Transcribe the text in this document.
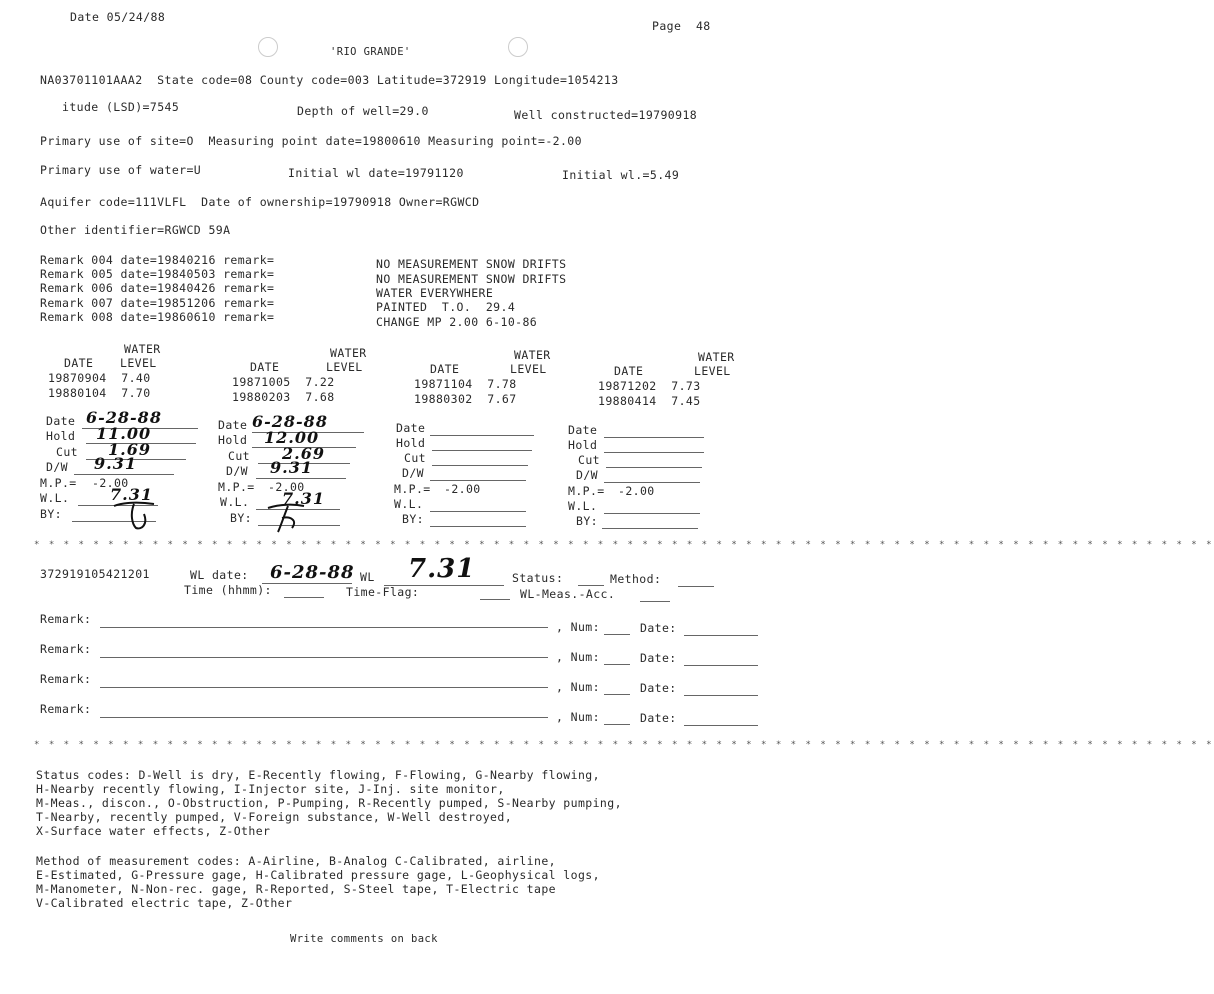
Date 05/24/88
Page  48
'RIO GRANDE'
NA03701101AAA2  State code=08 County code=003 Latitude=372919 Longitude=1054213
itude (LSD)=7545	Depth of well=29.0	Well constructed=19790918
Primary use of site=O  Measuring point date=19800610 Measuring point=-2.00
Primary use of water=U	Initial wl date=19791120	Initial wl.=5.49
Aquifer code=111VLFL  Date of ownership=19790918 Owner=RGWCD
Other identifier=RGWCD 59A
Remark 004 date=19840216 remark=	NO MEASUREMENT SNOW DRIFTS
Remark 005 date=19840503 remark=	NO MEASUREMENT SNOW DRIFTS
Remark 006 date=19840426 remark=	WATER EVERYWHERE
Remark 007 date=19851206 remark=	PAINTED  T.O.  29.4
Remark 008 date=19860610 remark=	CHANGE MP 2.00 6-10-86
WATER
DATE LEVEL
19870904 7.40
19880104 7.70
WATER
DATE	LEVEL
19871005 7.22
19880203 7.68
WATER
DATE	LEVEL
19871104 7.78
19880302 7.67
WATER
DATE	LEVEL
19871202 7.73
19880414 7.45
Date 6-28-88
Hold 11.00
Cut 1.69
D/W 9.31
M.P.= -2.00
W.L.	7.31
BY:
Date 6-28-88
Hold 12.00
Cut 2.69
D/W 9.31
M.P.= -2.00
W.L. 7.31
BY:
Date
Hold
Cut
D/W
M.P.= -2.00
W.L.
BY:
Date
Hold
Cut
D/W
M.P.= -2.00
W.L.
BY:
* * * * * * * * * * * * * * * * * * * * * * * * * * * * * * * * * * * * * * * * * * * * * * * * * * * * * * * * * * * * * * * * * * * * * * * * * * * * * * * *
372919105421201	WL date: 6-28-88 WL 7.31	Status:	Method:
Time (hhmm):	Time-Flag:	WL-Meas.-Acc.
Remark:
, Num:	Date:
Remark:
, Num:	Date:
Remark:
, Num:	Date:
Remark:
, Num:	Date:
* * * * * * * * * * * * * * * * * * * * * * * * * * * * * * * * * * * * * * * * * * * * * * * * * * * * * * * * * * * * * * * * * * * * * * * * * * * * * * * *
Status codes: D-Well is dry, E-Recently flowing, F-Flowing, G-Nearby flowing,
H-Nearby recently flowing, I-Injector site, J-Inj. site monitor,
M-Meas., discon., O-Obstruction, P-Pumping, R-Recently pumped, S-Nearby pumping,
T-Nearby, recently pumped, V-Foreign substance, W-Well destroyed,
X-Surface water effects, Z-Other
Method of measurement codes: A-Airline, B-Analog C-Calibrated, airline,
E-Estimated, G-Pressure gage, H-Calibrated pressure gage, L-Geophysical logs,
M-Manometer, N-Non-rec. gage, R-Reported, S-Steel tape, T-Electric tape
V-Calibrated electric tape, Z-Other
Write comments on back
